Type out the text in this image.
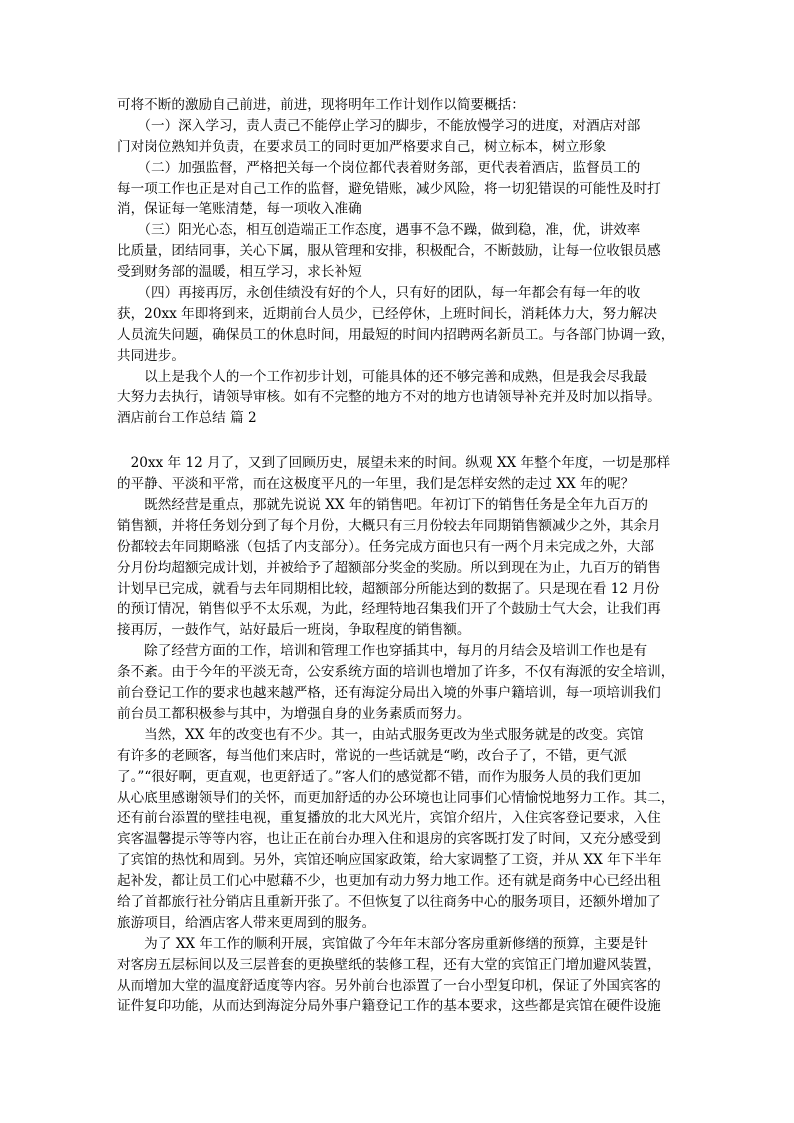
可将不断的激励自己前进，前进，现将明年工作计划作以简要概括：
　　（一）深入学习，责人责己不能停止学习的脚步，不能放慢学习的进度，对酒店对部
门对岗位熟知并负责，在要求员工的同时更加严格要求自己，树立标本，树立形象
　　（二）加强监督，严格把关每一个岗位都代表着财务部，更代表着酒店，监督员工的
每一项工作也正是对自己工作的监督，避免错账，减少风险，将一切犯错误的可能性及时打
消，保证每一笔账清楚，每一项收入准确
　　（三）阳光心态，相互创造端正工作态度，遇事不急不躁，做到稳，准，优，讲效率
比质量，团结同事，关心下属，服从管理和安排，积极配合，不断鼓励，让每一位收银员感
受到财务部的温暖，相互学习，求长补短
　　（四）再接再厉，永创佳绩没有好的个人，只有好的团队，每一年都会有每一年的收
获，20xx 年即将到来，近期前台人员少，已经停休，上班时间长，消耗体力大，努力解决
人员流失问题，确保员工的休息时间，用最短的时间内招聘两名新员工。与各部门协调一致，
共同进步。
　　以上是我个人的一个工作初步计划，可能具体的还不够完善和成熟，但是我会尽我最
大努力去执行，请领导审核。如有不完整的地方不对的地方也请领导补充并及时加以指导。
酒店前台工作总结 篇 2
　20xx 年 12 月了，又到了回顾历史，展望未来的时间。纵观 XX 年整个年度，一切是那样
的平静、平淡和平常，而在这极度平凡的一年里，我们是怎样安然的走过 XX 年的呢？
　　既然经营是重点，那就先说说 XX 年的销售吧。年初订下的销售任务是全年九百万的
销售额，并将任务划分到了每个月份，大概只有三月份较去年同期销售额减少之外，其余月
份都较去年同期略涨（包括了内支部分）。任务完成方面也只有一两个月未完成之外，大部
分月份均超额完成计划，并被给予了超额部分奖金的奖励。所以到现在为止，九百万的销售
计划早已完成，就看与去年同期相比较，超额部分所能达到的数据了。只是现在看 12 月份
的预订情况，销售似乎不太乐观，为此，经理特地召集我们开了个鼓励士气大会，让我们再
接再厉，一鼓作气，站好最后一班岗，争取程度的销售额。
　　除了经营方面的工作，培训和管理工作也穿插其中，每月的月结会及培训工作也是有
条不紊。由于今年的平淡无奇，公安系统方面的培训也增加了许多，不仅有海派的安全培训，
前台登记工作的要求也越来越严格，还有海淀分局出入境的外事户籍培训，每一项培训我们
前台员工都积极参与其中，为增强自身的业务素质而努力。
　　当然，XX 年的改变也有不少。其一，由站式服务更改为坐式服务就是的改变。宾馆
有许多的老顾客，每当他们来店时，常说的一些话就是“哟，改台子了，不错，更气派
了。”“很好啊，更直观，也更舒适了。”客人们的感觉都不错，而作为服务人员的我们更加
从心底里感谢领导们的关怀，而更加舒适的办公环境也让同事们心情愉悦地努力工作。其二，
还有前台添置的壁挂电视，重复播放的北大风光片，宾馆介绍片，入住宾客登记要求，入住
宾客温馨提示等等内容，也让正在前台办理入住和退房的宾客既打发了时间，又充分感受到
了宾馆的热忱和周到。另外，宾馆还响应国家政策，给大家调整了工资，并从 XX 年下半年
起补发，都让员工们心中慰藉不少，也更加有动力努力地工作。还有就是商务中心已经出租
给了首都旅行社分销店且重新开张了。不但恢复了以往商务中心的服务项目，还额外增加了
旅游项目，给酒店客人带来更周到的服务。
　　为了 XX 年工作的顺利开展，宾馆做了今年年末部分客房重新修缮的预算，主要是针
对客房五层标间以及三层普套的更换壁纸的装修工程，还有大堂的宾馆正门增加避风装置，
从而增加大堂的温度舒适度等内容。另外前台也添置了一台小型复印机，保证了外国宾客的
证件复印功能，从而达到海淀分局外事户籍登记工作的基本要求，这些都是宾馆在硬件设施
